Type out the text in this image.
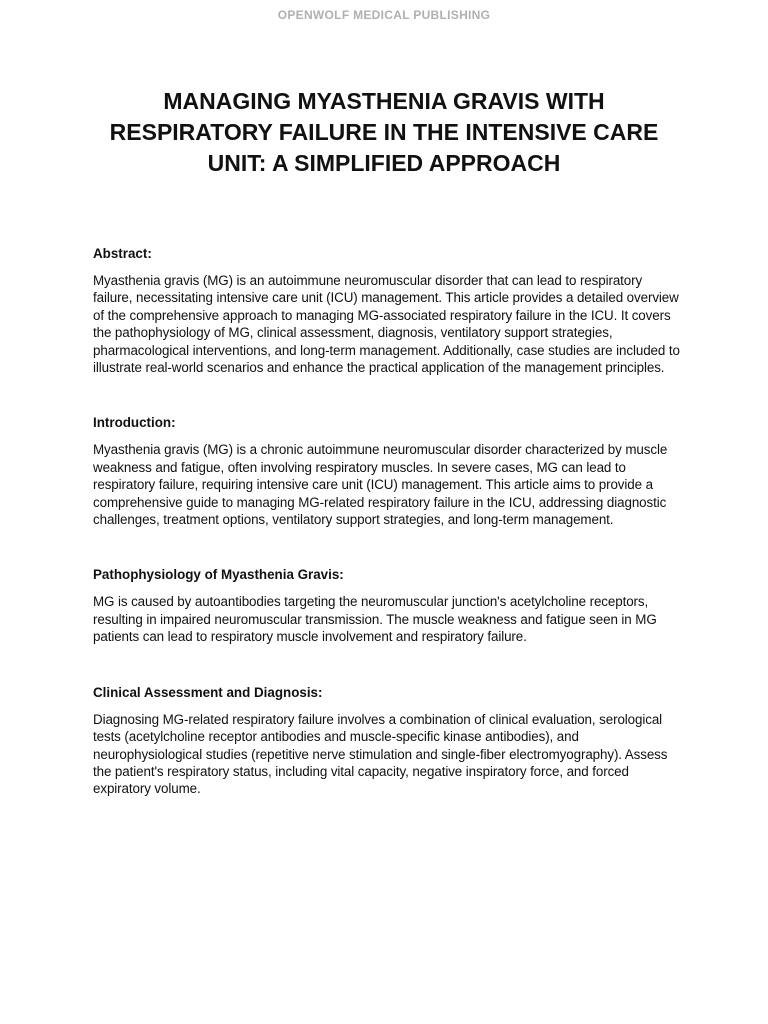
OPENWOLF MEDICAL PUBLISHING
MANAGING MYASTHENIA GRAVIS WITH RESPIRATORY FAILURE IN THE INTENSIVE CARE UNIT: A SIMPLIFIED APPROACH

Abstract:

Myasthenia gravis (MG) is an autoimmune neuromuscular disorder that can lead to respiratory failure, necessitating intensive care unit (ICU) management. This article provides a detailed overview of the comprehensive approach to managing MG-associated respiratory failure in the ICU. It covers the pathophysiology of MG, clinical assessment, diagnosis, ventilatory support strategies, pharmacological interventions, and long-term management. Additionally, case studies are included to illustrate real-world scenarios and enhance the practical application of the management principles.

Introduction:

Myasthenia gravis (MG) is a chronic autoimmune neuromuscular disorder characterized by muscle weakness and fatigue, often involving respiratory muscles. In severe cases, MG can lead to respiratory failure, requiring intensive care unit (ICU) management. This article aims to provide a comprehensive guide to managing MG-related respiratory failure in the ICU, addressing diagnostic challenges, treatment options, ventilatory support strategies, and long-term management.

Pathophysiology of Myasthenia Gravis:

MG is caused by autoantibodies targeting the neuromuscular junction's acetylcholine receptors, resulting in impaired neuromuscular transmission. The muscle weakness and fatigue seen in MG patients can lead to respiratory muscle involvement and respiratory failure.

Clinical Assessment and Diagnosis:

Diagnosing MG-related respiratory failure involves a combination of clinical evaluation, serological tests (acetylcholine receptor antibodies and muscle-specific kinase antibodies), and neurophysiological studies (repetitive nerve stimulation and single-fiber electromyography). Assess the patient's respiratory status, including vital capacity, negative inspiratory force, and forced expiratory volume.
